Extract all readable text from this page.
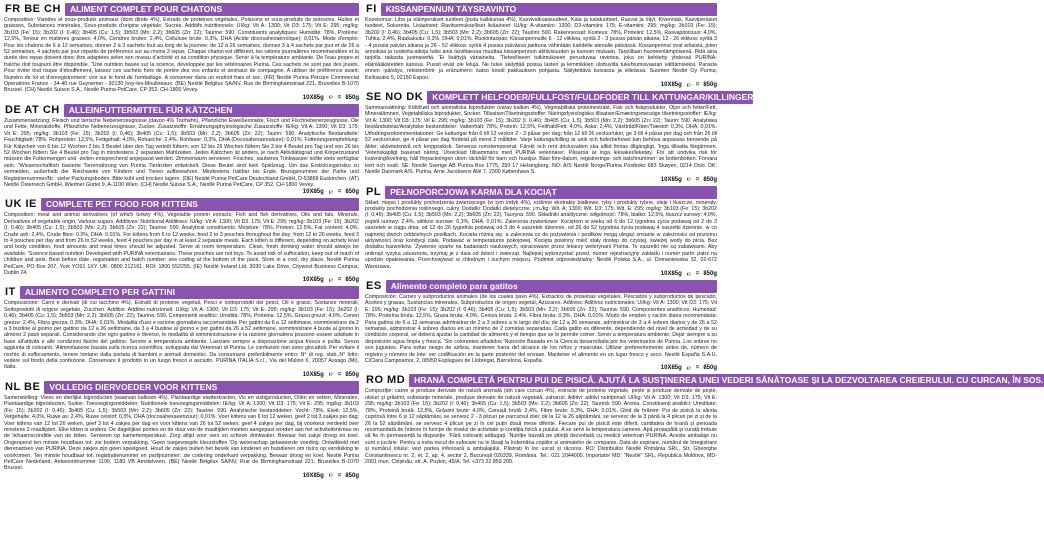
FR BE CH	ALIMENT COMPLET POUR CHATONS
Composition: Viandes et sous-produits animaux (dont dinde 4%), Extraits de protéines végétales, Poissons et sous-produits de poissons, Huiles et graisses, Substances minérales, Sous-produits d'origine végétale, Sucres. Additifs nutritionnels: UI/kg: Vit A: 1300; Vit D3: 175; Vit E: 295; mg/kg: 3b103 (Fe: 15); 3b202 (I: 0,46); 3b405 (Cu: 1,5); 3b503 (Mn: 2,2); 3b605 (Zn: 22); Taurine: 590. Constituants analytiques: Humidité: 78%, Protéine: 12,5%, Teneur en matières grasses: 4,0%, Cendres brutes: 2,4%, Cellulose brute: 0,3%, DHA (Acide docosahexaénoïque): 0,01%. Mode d'emploi: Pour les chatons de 6 à 12 semaines, donner 2 à 3 sachets tout au long de la journée; de 12 à 26 semaines, donnez 3 à 4 sachets par jour et de 26 à 52 semaines, 4 sachets par jour répartis de préférence sur au moins 2 repas. Chaque chaton est différent, les rations journalières recommandées et la durée des repas doivent donc être adaptées selon son niveau d'activité et sa condition physique. Servir à la température ambiante. De l'eau propre et fraîche doit toujours être disponible. "Une nutrition basée sur la science, développée par les vétérinaires Purina. Ces sachets ne sont pas des jouets. Pour éviter tout risque d'étouffement, laissez ces sachets hors de portée des vos enfants et animaux de compagnie. A utiliser de préférence avant: Numéro de lot et d'enregistrement: voir sur le fond de l'emballage. A conserver dans un endroit frais et sec. (FR) Nestlé Purina Petcare Commercial Operations France - 34-40 rue Guynemer - 92130 Issy-les-Moulineaux. (BE) Nestlé Belgilux SA/NV, Rue de Birminghamstraat 221, Bruxelles B-1070 Brussel. (CH) Nestlé Suisse S.A., Nestlé Purina PetCare, CP 352, CH-1800 Vevey.
10X85g ℮ = 850g
DE AT CH	ALLEINFUTTERMITTEL FÜR KÄTZCHEN
Zusammensetzung: Fleisch und tierische Nebenerzeugnisse (davon 4% Truthahn), Pflanzliche Eiweißextrakte, Fisch und Fischnebenerzeugnisse, Öle und Fette, Mineralstoffe, Pflanzliche Nebenerzeugnisse, Zucker. Zusatzstoffe: Ernährungsphysiologische Zusatzstoffe: IE/kg: Vit A: 1300; Vit D3: 175; Vit E: 295; mg/kg: 3b103 (Fe: 15); 3b202 (I: 0,46); 3b405 (Cu: 1,5); 3b503 (Mn: 2,2); 3b605 (Zn: 22); Taurin: 590. Analytische Bestandteile: Feuchtigkeit: 78%, Rohprotein: 12,5%, Fettgehalt: 4,0%, Rohasche: 2,4%, Rohfaser: 0,3%, DHA (Docosahexaensäure): 0,01%. Fütterungsempfehlung: Für Kätzchen von 6 bis 12 Wochen 2 bis 3 Beutel über den Tag verteilt füttern; von 12 bis 26 Wochen füttern Sie 3 bis 4 Beutel pro Tag und von 26 bis 52 Wochen füttern Sie 4 Beutel pro Tag in mindestens 2 separaten Mahlzeiten. Jedes Kätzchen ist anders, je nach Aktivitätsgrad und Körperzustand müssen die Futtermengen und -zeiten entsprechend angepasst werden. Zimmerwarm servieren. Frisches, sauberes Trinkwasser sollte stets verfügbar sein. "Wissenschaftlich basierte Tierernährung von Purina Tierärzten entwickelt. Diese Beutel sind kein Spielzeug. Um das Erstickungsrisiko zu vermeiden, außerhalb der Reichweite von Kindern und Tieren aufbewahren. Mindestens haltbar bis Ende, Bezugsnummer der Partie und Registriernummer/Nr.: siehe Packungsboden. Bitte kühl und trocken lagern. (DE) Nestlé Purina PetCare Deutschland GmbH, D-53869 Euskirchen. (AT) Nestlé Österreich GmbH, Wiedner Gürtel 9, A-1100 Wien. (CH) Nestlé Suisse S.A., Nestlé Purina PetCare, CP 352, CH-1800 Vevey.
10X85g ℮ = 850g
UK IE	COMPLETE PET FOOD FOR KITTENS
Composition: meat and animal derivatives (of which turkey 4%), Vegetable protein extracts, Fish and fish derivatives, Oils and fats, Minerals, Derivatives of vegetable origin, Various sugars. Additives: Nutritional Additives: IU/kg: Vit A: 1300; Vit D3: 175; Vit E: 295; mg/kg: 3b103 (Fe: 15); 3b202 (I: 0,46); 3b405 (Cu: 1,5); 3b503 (Mn: 2,2); 3b605 (Zn: 22); Taurine: 590. Analytical constituents: Moisture: 78%, Protein: 12.5%, Fat content: 4.0%, Crude ash: 2.4%, Crude fibre: 0.3%, DHA: 0.01%. For kittens from 6 to 12 weeks, feed 2 to 3 pouches throughout the day; from 12 to 26 weeks, feed 3 to 4 pouches per day and from 26 to 52 weeks, feed 4 pouches per day in at least 2 separate meals. Each kitten is different, depending on activity level and body condition, food amounts and meal times should be adjusted. Serve at room temperature. Clean, fresh drinking water should always be available. 'Science based nutrition Developed with PURINA veterinarians. These pouches are not toys. To avoid risk of suffocation, keep out of reach of children and pets. Best before date, registration and batch number: see coding at the bottom of the pack. Store in a cool, dry place. Nestlé Purina PetCare, PO Box 207, York YO91 1XY. UK: 0800 212161, ROI: 1800 552255. (IE) Nestlé Ireland Ltd, 3030 Lake Drive, Citywest Business Campus, Dublin 24.
10X85g ℮ = 850g
IT	ALIMENTO COMPLETO PER GATTINI
Composizione: Carni e derivati (di cui tacchino 4%), Estratti di proteine vegetali, Pesci e sottoprodotti dei pesci, Oli e grassi, Sostanze minerali, Sottoprodotti di origine vegetale, Zuccheri. Additivi: Additivi nutrizionali: UI/kg: Vit A: 1300; Vit D3: 175; Vit E: 295; mg/kg: 3b103 (Fe: 15); 3b202 (I: 0,46); 3b405 (Cu: 1,5); 3b503 (Mn: 2,2); 3b605 (Zn: 22); Taurina: 590. Componenti analitici: Umidità: 78%, Proteina: 12,5%, Grassi grezzi: 4,0%, Ceneri grezze: 2,4%, Fibra grezza: 0,3%, DHA: 0,01%. Modalità d'uso e razione giornaliera raccomandata: Per gattini da 6 a 12 settimane, somministrare da 2 a 3 bustine al giorno per gattino da 12 a 26 settimane, da 3 a 4 bustine al giorno e per gattini da 26 a 52 settimane, somministrare 4 buste al giorno in almeno 2 pasti separati. Considerando che ogni gattino è diverso, le modalità di somministrazione e la razione giornaliera possono essere adattate in base all'attività e alle condizioni fisiche del gattino. Servire a temperatura ambiente. Lasciare sempre a disposizione acqua fresca e pulita. Senza aggiunta di coloranti. 'Alimentazione basata sulla ricerca scientifica, sviluppata dai Veterinari di Purina. Le confezioni non sono giocattoli. Per evitare il rischio di soffocamento, tenere lontano dalla portata di bambini e animali domestici. Da consumarsi preferibilmente entro: N° di reg. stab.,N° lotto: vedere sul fondo della confezione. Conservare il prodotto in un luogo fresco e asciutto. PURINA ITALIA S.r.l., Via del Mulino 6, 20057 Assago (MI), Italia.
10X85g ℮ = 850g
NL BE	VOLLEDIG DIERVOEDER VOOR KITTENS
Samenstelling: Vlees en dierlijke bijproducten (waarvan kalkoen 4%), Plantaardige eiwitextracten, Vis en visbijproducten, Oliën en vetten, Mineralen, Plantaardige bijproducten, Suiker. Toevoegingsmiddelen: Nutritionele toevoegingsmiddelen: IE/kg: Vit A: 1300; Vit D3: 175; Vit E: 295; mg/kg: 3b103 (Fe: 15); 3b202 (I: 0,46); 3b405 (Cu: 1,5); 3b503 (Mn: 2,2); 3b605 (Zn: 22); Taurine: 590. Analytische bestanddelen: Vocht: 78%, Eiwit: 12,5%, Vetgehalte: 4,0%, Ruwe as: 2,4%, Ruwe celstof: 0,3%, DHA (docosahexaeenzuur): 0,01%. Voer kittens van 6 tot 12 weken, geef 2 tot 3 zakjes per dag; Voer kittens van 12 tot 26 weken, geef 3 tot 4 zakjes per dag en voor kittens van 26 tot 52 weken, geef 4 zakjes per dag, bij voorkeur verdeeld over minstens 2 maaltijden. Elke kitten is anders. De dagelijkse porties en de duur van de maaltijden moeten aangepast worden aan het activiteitsniveau en de lichaamsconditie van de kitten. Serveren op kamertemperatuur. Zorg altijd voor vers en schoon drinkwater. Bewaar het zakje droog en koel. Ongeopend ten minste houdbaar tot: zie bodem verpakking. 'Geen toegevoegde kleurstoffen 'Op wetenschap gebaseerde voeding. Ontwikkeld met dierenartsen van PURINA. Deze zakjes zijn geen speelgoed. Houd de zakjes buiten het bereik van kinderen en huisdieren om risico op verstikking te voorkomen. Ten minste houdbaar tot, registratienummer en partijnummer: zie codering onderkant verpakking. Bewaar droog en koel. Nestlé Purina PetCare Nederland, Antwoordnummer 1199, 1180 VB Amstelveen. (BE) Nestlé Belgilux SA/NV, Rue de Birminghamstraat 221, Bruxelles B-1070 Brussel.
10X85g ℮ = 850g
FI	KISSANPENNUN TÄYSRAVINTO
Koostumus: Liha ja eläinperäiset tuotteet (josta kalkkunaa 4%), Kasvivalkuaisuutteet, Kala ja kalatuotteet, Rasvat ja öljyt, Kivennäis, Kasviperäiset tuotteet, Sokereita. Lisäaineet: Ravitsemukselliset lisäaineet: IU/kg: A-vitamiini: 1300; D3-vitamiini: 175; E-vitamiini: 295; mg/kg: 3b103 (Fe: 15); 3b202 (I: 0,46); 3b405 (Cu: 1,5); 3b503 (Mn: 2,2); 3b605 (Zn: 22); Tauriini: 590. Rakenneosat: Kosteus: 78%, Proteiini: 12,5%, Rasvapitoisuus: 4,0%, Tuhka: 2,4%, Raakakuitu: 0,3%, DHA: 0,01%. Ruokintaopas: Kissanpennuille 6 - 12 viikkoa, syötä 2 - 3 pussia päivän aikana; 12 - 26 viikkoa: syötä 3 - 4 pussia päivän aikana ja 26 - 52 viikkoa: syötä 4 pussia päivässä jaettuna vähintään kahdelle aterialle päivässä. Kissanpennut ovat erilaisia, joten annoksia ja ruokinta-aikoja tulisi aina tarvittaessa muuttaa kissanpennun aktiivisuuden ja kunnon mukaan. Tarjoillaan huoneenlämpöisenä. Pidä aina tarjolla raikasta juomavettä. 'Ei lisättyjä väriaineita. 'Tieteelliseen tutkimukseen perustuvaa ravintoa, joka on kehitetty yhdessä PURINA-eläinlääkäreiden kanssa. Pussit eivät ole leluja. Ne tulee säilyttää poissa lasten ja lemmikkien ulottuvilta tukehtumisvaaran välttämiseksi. Parasta ennen -päiväys, rekisteröinti- ja eränumero: katso koodi pakkauksen pohjasta. Säilytettävä kuivassa ja viileässä. Suomen Nestlé Oy Purina, Kelloaukio 5, 02150 Espoo.
10X85g ℮ = 850g
SE NO DK	KOMPLETT HELFODER/FULLFOST/FULDFODER TILL KATTUNGAR/KILLINGER
Sammansättning: Kött/Kød och animaliska biprodukter (varav kalkon 4%), Vegetabiliska proteinextrakt, Fisk och fiskprodukter, Oljor och fetter/Fett, Mineralämnen, Vegetabiliska biprodukter, Socker. Tillsatser/Tilsetningsstoffer: Näringsfysiologiska tillsatser/Ernæringsmessige tilsetningsstoffer: IE/kg: Vit A: 1300; Vit D3: 175; Vit E: 295; mg/kg: 3b103 (Fe: 15); 3b202 (I: 0,46); 3b405 (Cu: 1,5); 3b503 (Mn: 2,2); 3b605 (Zn: 22); Taurin: 590. Analytiska beståndsdelar/Analytiske bestanddeler: Vattenhalt: 78%, Protein: 12,5%, Fetthalt/Fett: 4,0%, Aska: 2,4%, Växttråd/Fiber/Træstof: 0,3%, DHA: 0,01%. Utfodringsrekommendationer: Ge kattungar från 6 till 12 veckor 2 - 3 påsar per dag; från 12 till 26 veckor/uker, ge 3 till 4 påsar per dag och från 26 till 52 veckor/uker, ge 4 påsar per dag fördelat på minst 2 måltider. Varje kattunge/killing är unik och foderbehovet kan behöva anpassas beroende på ålder, aktivitetsnivå och kroppsskick. Serveras rumstempererat. Färskt och rent dricksvatten ska alltid finnas tillgängligt. 'Inga tillsatta färgämnen. 'Vetenskapligt baserad näring. Utvecklad tillsammans med PURINA veterinärer. Påsarna är inga leksaker/leketøy. För att undvika risk för kvävning/kvelning, håll förpackningen utom räckhåll för barn och husdjur. Bäst före-datum, registrerings- och batchnummer: se bottenbotten. Förvara torrt och svalt. SE: Nestlé Sverige AB Purina Box 1775, 250 17 Helsingborg. NO: A/S Nestlé Norge/Purina Postboks 683 Skøyen, 0214 Oslo. DK: Nestlé Danmark A/S, Purina, Arne Jacobsens Allé 7, 2300 København S.
10X85g ℮ = 850g
PL	PEŁNOPORCJOWA KARMA DLA KOCIĄT
Skład: mięso i produkty pochodzenia zwierzęcego (w tym indyk 4%), roślinne ekstrakty białkowe, ryby i produkty rybne, oleje i tłuszcze, minerały, produkty pochodzenia roślinnego, cukry. Dodatki: Dodatki dietetyczne: j.m./kg: Wit. A: 1300; Wit. D3: 175; Wit. E: 295; mg/kg: 3b103 (Fe: 15); 3b202 (I: 0,46); 3b405 (Cu: 1,5); 3b503 (Mn: 2,2); 3b605 (Zn: 22); Tauryna: 590. Składniki analityczne: wilgotność: 78%, białko: 12,5%, tłuszcz surowy: 4,0%, popiół surowy: 2,4%, włókno surowe: 0,3%, DHA: 0,01%. Zalecenia żywieniowe: Kociętom w wieku od 6 do 12 tygodnia życia podawaj od 2 do 3 saszetek w ciągu dnia; od 12 do 26 tygodnia podawaj od 3 do 4 saszetek dziennie, od 26 do 52 tygodnia życia podawaj 4 saszetki dziennie, w co najmniej dwóch oddzielnych posiłkach. Kocięta różnią się, a zalecenia co do pożywienia i posiłków mogą ulegać zmianie w zależności od poziomu aktywności oraz kondycji ciała. Podawać w temperaturze pokojowej. Kocięta powinny mieć stały dostęp do czystej, świeżej wody do picia. Bez dodatku barwników. 'Żywienie oparte na badaniach naukowych, opracowane przez lekarzy weterynarii Purina. Te saszetki nie są zabawkami. Aby uniknąć ryzyka uduszenia, trzymaj je z dala od dzieci i zwierząt. Najlepiej wykorzystać przed, numer rejestracyjny zakładu i numer partii: patrz na spodzie opakowania. Przechowywać w chłodnym i suchym miejscu. Podmiot odpowiedzialny: Nestlé Polska S.A., ul. Domaniewska 32, 02-672 Warszawa.
10X85g ℮ = 850g
ES	Alimento completo para gatitos
Composición: Carnes y subproductos animales (de los cuales pavo 4%), Extractos de proteínas vegetales, Pescados y subproductos de pescado, Aceites y grasas, Sustancias minerales, Subproductos de origen vegetal, Azúcares. Aditivos: Aditivos nutricionales: UI/kg: Vit A: 1300; Vit D3: 175; Vit E: 295; mg/kg: 3b103 (Fe: 15); 3b202 (I: 0,46); 3b405 (Cu: 1,5); 3b503 (Mn: 2,2); 3b605 (Zn: 22); Taurina: 590. Componentes analíticos: Humedad: 78%, Proteína bruta: 12,5%, Grasa bruta: 4,0%, Ceniza bruta: 2,4%, Fibra bruta: 0,3%, DHA: 0,01%. Modo de empleo y ración diaria recomendada: Para gatitos de 6 a 12 semanas administrar de 2 a 3 sobres a lo largo del día; de 12 a 26 semanas, administrar de 3 a 4 sobres diarios y de 26 a 52 semanas, administrar 4 sobres diarios en un mínimo de 2 comidas separadas. Cada gatito es diferente, dependiendo del nivel de actividad y de su condición corporal, se deberá ajustar la cantidad de alimento y el tiempo que se le permite comer. Servir a temperatura ambiente. Dejar siempre a su disposición agua limpia y fresca. 'Sin colorantes añadidos 'Nutrición Basada en la Ciencia desarrollada por los veterinarios de Purina. Los sobres no son juguetes. Para evitar riesgo de asfixia, mantener fuera del alcance de los niños y mascotas. Utilizar preferentemente antes de, número de registro y número de lote: ver codificación en la parte posterior del envase. Mantener el alimento en un lugar fresco y seco. Nestlé España S.A.U. C/Clara Campoamor, 2, 08950 Esplugues de Llobregat, Barcelona, España.
10X85g ℮ = 850g
RO MD	HRANĂ COMPLETĂ PENTRU PUI DE PISICĂ. AJUTĂ LA SUSȚINEREA UNEI VEDERI SĂNĂTOASE ȘI LA DEZVOLTAREA CREIERULUI. CU CURCAN, ÎN SOS.
Compoziție: carne și produse derivate de natură animală (din care curcan 4%), extracte de proteine vegetale, pește și produse derivate de pește, uleiuri și grăsimi, substanțe minerale, produse derivate de natură vegetală, zaharuri. Aditivi: aditivi nutriționali: UI/kg: Vit A: 1300; Vit D3: 175; Vit E: 295; mg/kg: 3b103 (Fe: 15); 3b202 (I: 0,46); 3b405 (Cu: 1,5); 3b503 (Mn: 2,2); 3b605 (Zn: 22); Taurină: 590. Aroma. Constituenți analitici: Umiditate: 78%, Proteină brută: 12,5%, Grăsimi brute: 4,0%, Cenușă brută: 2,4%, Fibre brute: 0,3%, DHA: 0,01%. Ghid de hrănire: Pui de pisică la vârsta cuprinsă între 6 și 12 săptămâni, se servesc 2 - 3 plicuri pe parcursul zilei; de la 12 la 26 săptămâni, se servesc de la 3 până la 4 plicuri pe zi și de la 26 la 52 săptămâni, se servesc 4 plicuri pe zi în cel puțin două mese diferite. Fiecare pui de pisică este diferit, cantitatea de hrană și perioada recomandată de hrănire în funcție de nivelul de activitate și condiția fizică a puiului. A se servi la temperatura camerei. Apă proaspătă și curată trebuie să fie în permanență la dispoziție. 'Fără coloranți adăugați. 'Nutriție bazată pe știință dezvoltată cu medicii veterinari PURINA. Aceste ambalaje nu sunt o jucărie. Pentru a evita riscul de sufocare nu le lăsați la îndemâna copiilor și animalelor de companie. Data de expirare, numărul de înregistrare și numărul lotului: vezi partea inferioară a ambalajului. Păstrați în loc uscat și răcoros. RO: Distribuitor Nestlé România SRL, Str. Gheorghe Constantinescu nr. 2, et. 2, ap. 4, sector 2, București 020339, România. Tel.: 021 2044000. Importator MD: "Nestlé" SRL, Republica Moldova, MD-2001 mun. Chișinău, str. A. Pușkin, 45/A; Tel. +373 22 859 200.
